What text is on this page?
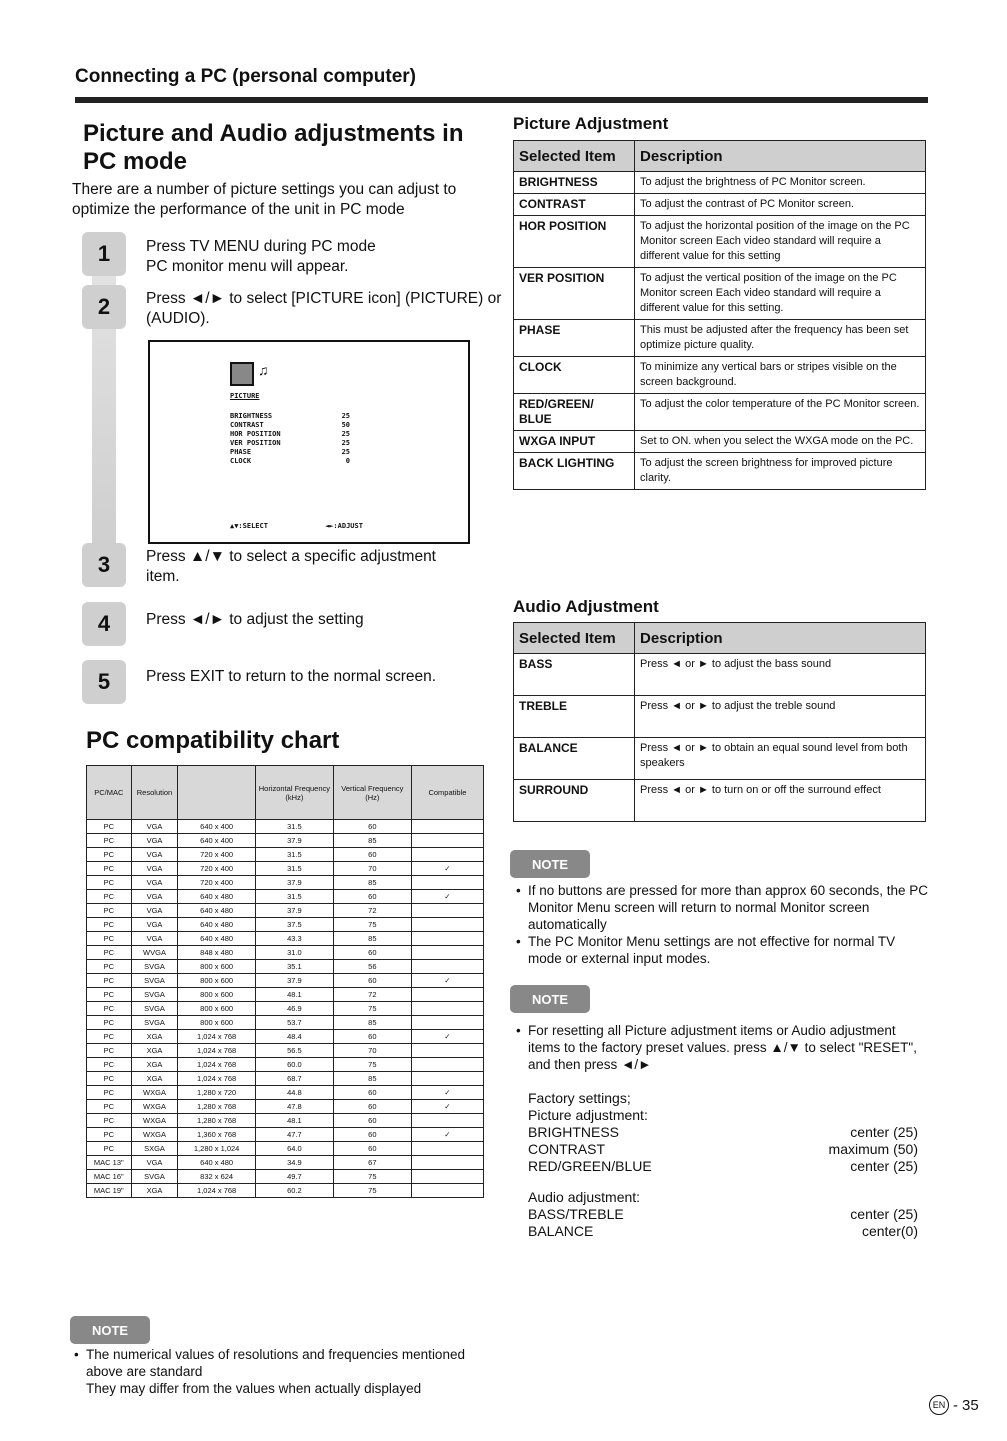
Connecting a PC (personal computer)
Picture and Audio adjustments in
PC mode
There are a number of picture settings you can adjust to optimize the performance of the unit in PC mode
1	Press TV MENU during PC mode
PC monitor menu will appear.
2	Press ◄/► to select [PICTURE icon] (PICTURE) or
(AUDIO).
♫
PICTURE
BRIGHTNESS	25
CONTRAST	50
HOR POSITION	25
VER POSITION	25
PHASE	25
CLOCK	0
▲▼:SELECT	◄►:ADJUST
3	Press ▲/▼ to select a specific adjustment
item.
4	Press ◄/► to adjust the setting
5	Press EXIT to return to the normal screen.
PC compatibility chart
PC/MAC	Resolution		Horizontal Frequency (kHz)	Vertical Frequency (Hz)	Compatible
PC	VGA	640 x 400	31.5	60	
PC	VGA	640 x 400	37.9	85	
PC	VGA	720 x 400	31.5	60	
PC	VGA	720 x 400	31.5	70	✓
PC	VGA	720 x 400	37.9	85	
PC	VGA	640 x 480	31.5	60	✓
PC	VGA	640 x 480	37.9	72	
PC	VGA	640 x 480	37.5	75	
PC	VGA	640 x 480	43.3	85	
PC	WVGA	848 x 480	31.0	60	
PC	SVGA	800 x 600	35.1	56	
PC	SVGA	800 x 600	37.9	60	✓
PC	SVGA	800 x 600	48.1	72	
PC	SVGA	800 x 600	46.9	75	
PC	SVGA	800 x 600	53.7	85	
PC	XGA	1,024 x 768	48.4	60	✓
PC	XGA	1,024 x 768	56.5	70	
PC	XGA	1,024 x 768	60.0	75	
PC	XGA	1,024 x 768	68.7	85	
PC	WXGA	1,280 x 720	44.8	60	✓
PC	WXGA	1,280 x 768	47.8	60	✓
PC	WXGA	1,280 x 768	48.1	60	
PC	WXGA	1,360 x 768	47.7	60	✓
PC	SXGA	1,280 x 1,024	64.0	60	
MAC 13"	VGA	640 x 480	34.9	67	
MAC 16"	SVGA	832 x 624	49.7	75	
MAC 19"	XGA	1,024 x 768	60.2	75	
NOTE
• The numerical values of resolutions and frequencies mentioned above are standard
They may differ from the values when actually displayed
Picture Adjustment
Selected Item	Description
BRIGHTNESS	To adjust the brightness of PC Monitor screen.
CONTRAST	To adjust the contrast of PC Monitor screen.
HOR POSITION	To adjust the horizontal position of the image on the PC Monitor screen Each video standard will require a different value for this setting
VER POSITION	To adjust the vertical position of the image on the PC Monitor screen Each video standard will require a different value for this setting.
PHASE	This must be adjusted after the frequency has been set optimize picture quality.
CLOCK	To minimize any vertical bars or stripes visible on the screen background.
RED/GREEN/ BLUE	To adjust the color temperature of the PC Monitor screen.
WXGA INPUT	Set to ON. when you select the WXGA mode on the PC.
BACK LIGHTING	To adjust the screen brightness for improved picture clarity.
Audio Adjustment
Selected Item	Description
BASS	Press ◄ or ► to adjust the bass sound
TREBLE	Press ◄ or ► to adjust the treble sound
BALANCE	Press ◄ or ► to obtain an equal sound level from both speakers
SURROUND	Press ◄ or ► to turn on or off the surround effect
NOTE
• If no buttons are pressed for more than approx 60 seconds, the PC Monitor Menu screen will return to normal Monitor screen automatically
• The PC Monitor Menu settings are not effective for normal TV mode or external input modes.
NOTE
• For resetting all Picture adjustment items or Audio adjustment items to the factory preset values. press ▲/▼ to select "RESET", and then press ◄/►
Factory settings;
Picture adjustment:
BRIGHTNESS	center (25)
CONTRAST	maximum (50)
RED/GREEN/BLUE	center (25)
Audio adjustment:
BASS/TREBLE	center (25)
BALANCE	center(0)
EN - 35
